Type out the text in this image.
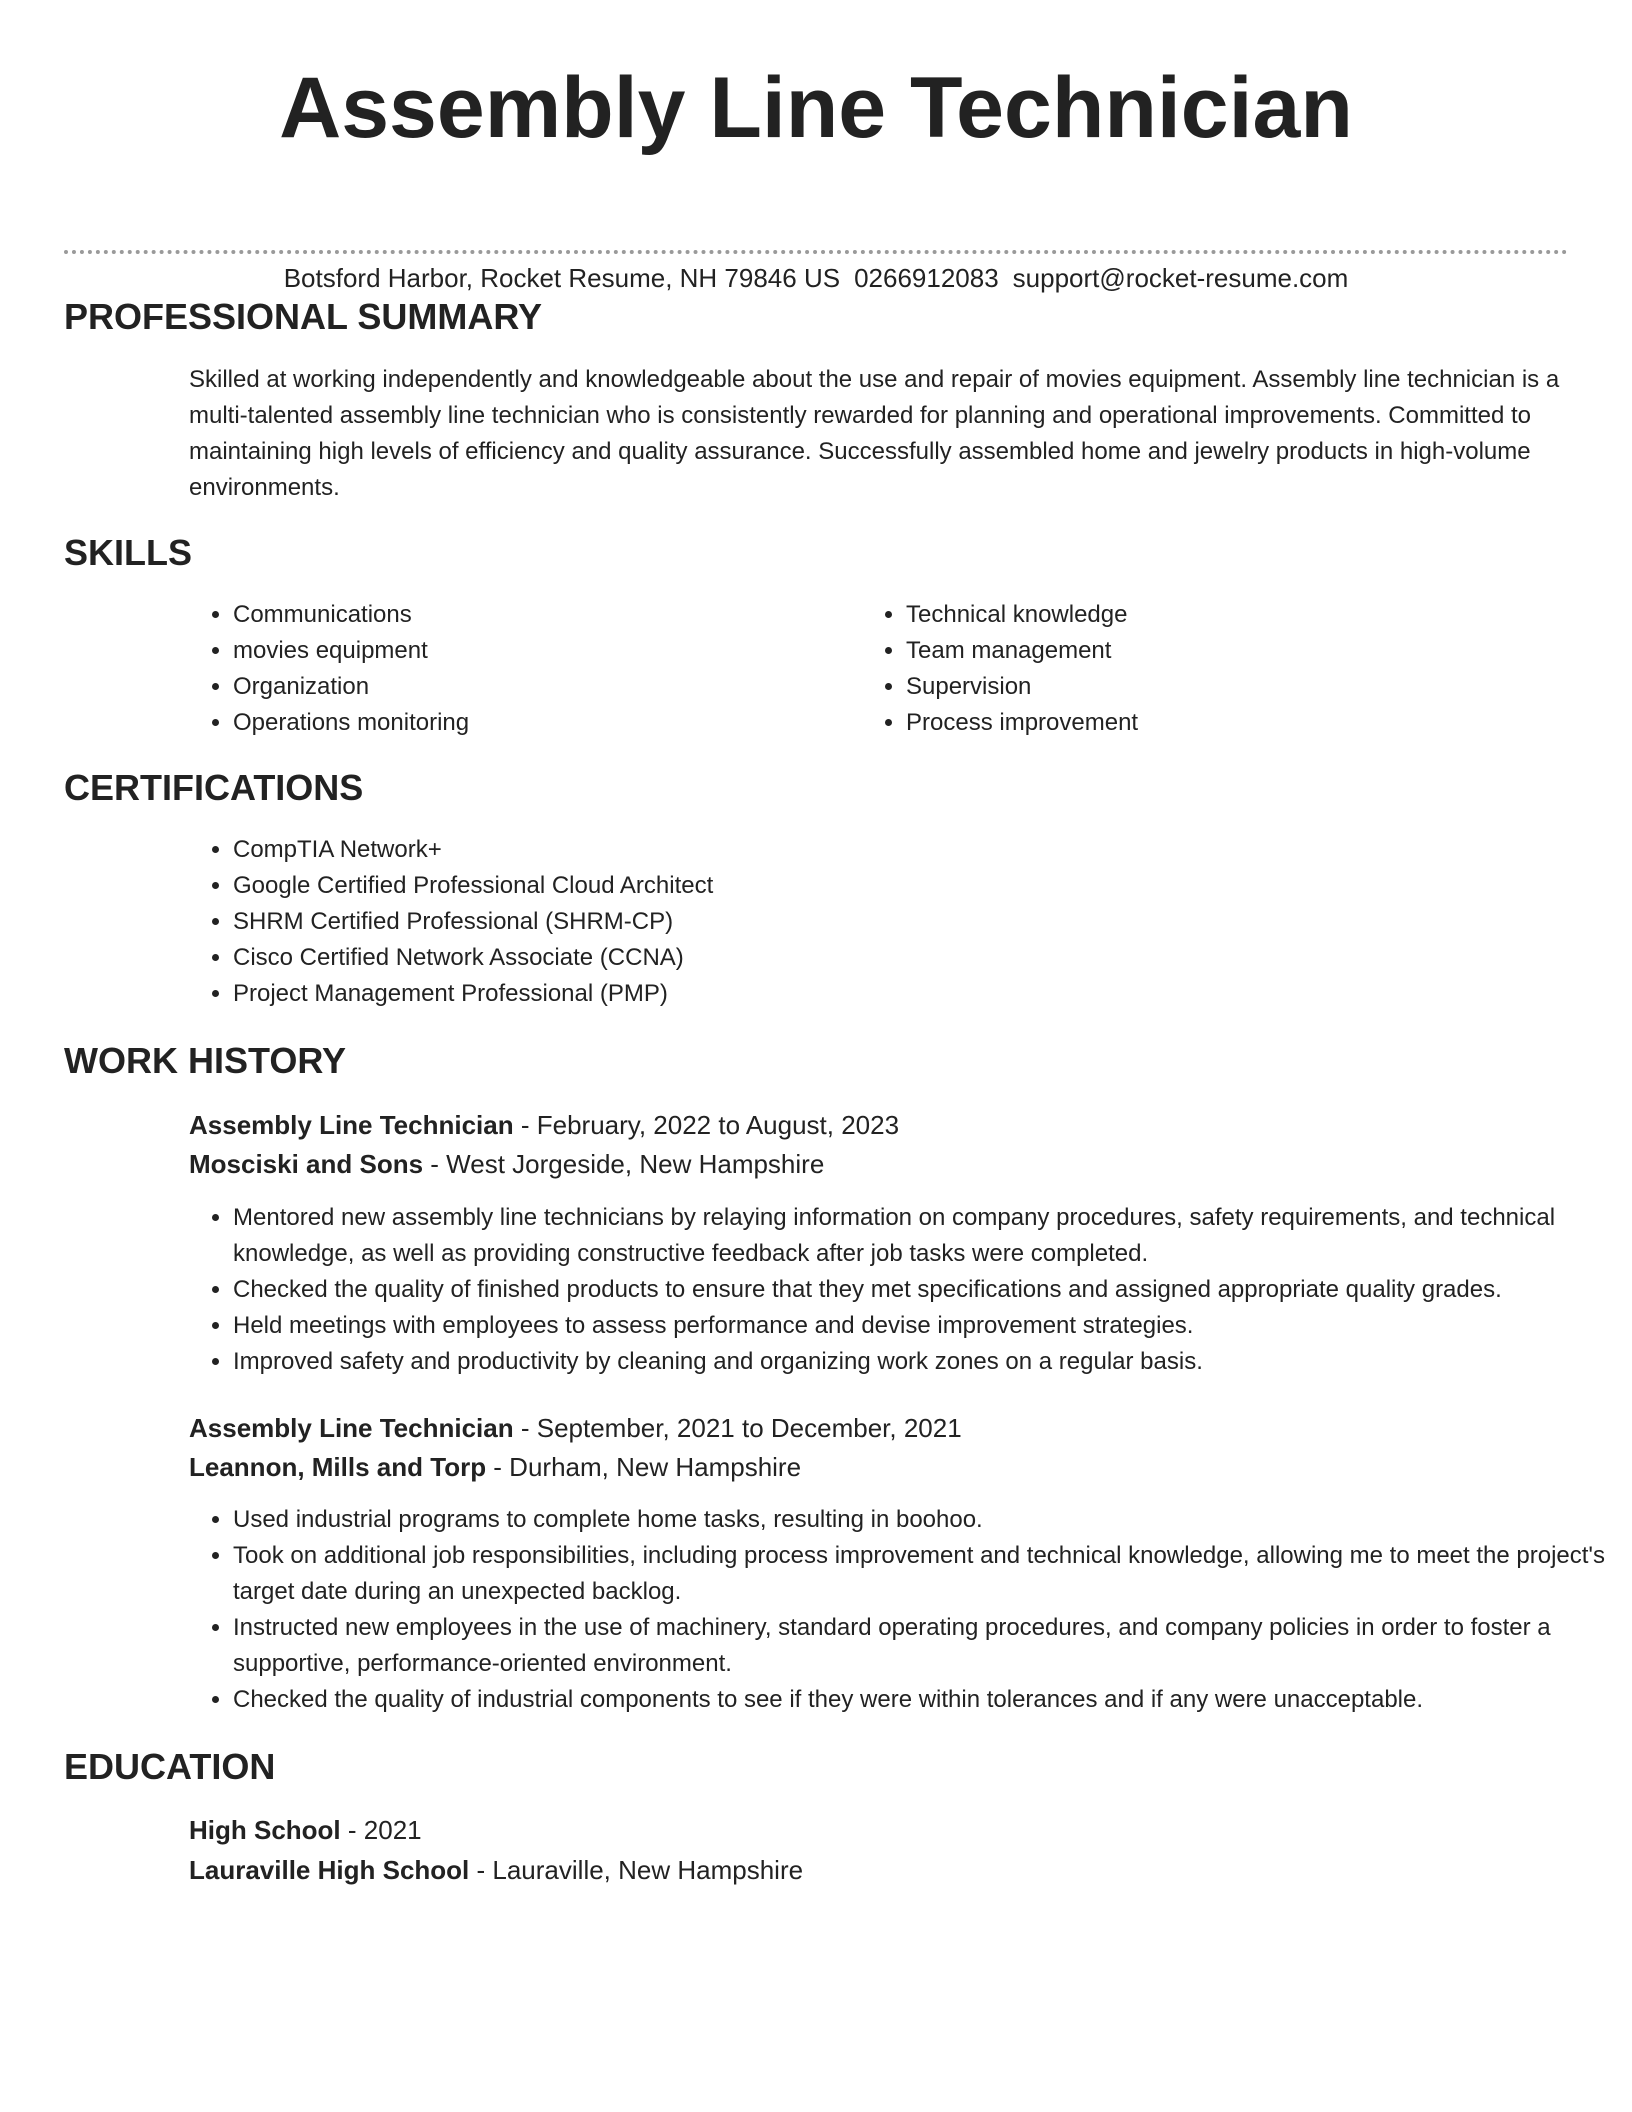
Assembly Line Technician
Botsford Harbor, Rocket Resume, NH 79846 US 0266912083 support@rocket-resume.com
PROFESSIONAL SUMMARY

Skilled at working independently and knowledgeable about the use and repair of movies equipment. Assembly line technician is a multi-talented assembly line technician who is consistently rewarded for planning and operational improvements. Committed to maintaining high levels of efficiency and quality assurance. Successfully assembled home and jewelry products in high-volume environments.

SKILLS
• Communications
• movies equipment
• Organization
• Operations monitoring
• Technical knowledge
• Team management
• Supervision
• Process improvement
CERTIFICATIONS
• CompTIA Network+
• Google Certified Professional Cloud Architect
• SHRM Certified Professional (SHRM-CP)
• Cisco Certified Network Associate (CCNA)
• Project Management Professional (PMP)
WORK HISTORY
Assembly Line Technician - February, 2022 to August, 2023
Mosciski and Sons - West Jorgeside, New Hampshire
• Mentored new assembly line technicians by relaying information on company procedures, safety requirements, and technical knowledge, as well as providing constructive feedback after job tasks were completed.
• Checked the quality of finished products to ensure that they met specifications and assigned appropriate quality grades.
• Held meetings with employees to assess performance and devise improvement strategies.
• Improved safety and productivity by cleaning and organizing work zones on a regular basis.
Assembly Line Technician - September, 2021 to December, 2021
Leannon, Mills and Torp - Durham, New Hampshire
• Used industrial programs to complete home tasks, resulting in boohoo.
• Took on additional job responsibilities, including process improvement and technical knowledge, allowing me to meet the project's target date during an unexpected backlog.
• Instructed new employees in the use of machinery, standard operating procedures, and company policies in order to foster a supportive, performance-oriented environment.
• Checked the quality of industrial components to see if they were within tolerances and if any were unacceptable.
EDUCATION
High School - 2021
Lauraville High School - Lauraville, New Hampshire
